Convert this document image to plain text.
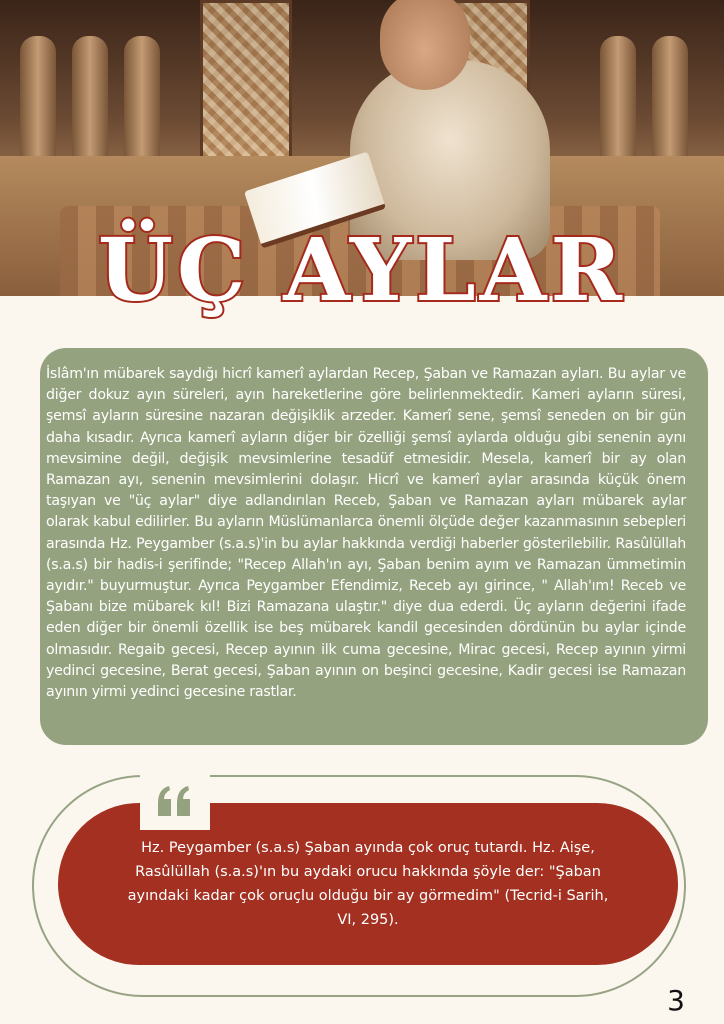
ÜÇ AYLAR

İslâm'ın mübarek saydığı hicrî kamerî aylardan Recep, Şaban ve Ramazan ayları. Bu aylar ve diğer dokuz ayın süreleri, ayın hareketlerine göre belirlenmektedir. Kameri ayların süresi, şemsî ayların süresine nazaran değişiklik arzeder. Kamerî sene, şemsî seneden on bir gün daha kısadır. Ayrıca kamerî ayların diğer bir özelliği şemsî aylarda olduğu gibi senenin aynı mevsimine değil, değişik mevsimlerine tesadüf etmesidir. Mesela, kamerî bir ay olan Ramazan ayı, senenin mevsimlerini dolaşır. Hicrî ve kamerî aylar arasında küçük önem taşıyan ve "üç aylar" diye adlandırılan Receb, Şaban ve Ramazan ayları mübarek aylar olarak kabul edilirler. Bu ayların Müslümanlarca önemli ölçüde değer kazanmasının sebepleri arasında Hz. Peygamber (s.a.s)'in bu aylar hakkında verdiği haberler gösterilebilir. Rasûlüllah (s.a.s) bir hadis-i şerifinde; "Recep Allah'ın ayı, Şaban benim ayım ve Ramazan ümmetimin ayıdır." buyurmuştur. Ayrıca Peygamber Efendimiz, Receb ayı girince, " Allah'ım! Receb ve Şabanı bize mübarek kıl! Bizi Ramazana ulaştır." diye dua ederdi. Üç ayların değerini ifade eden diğer bir önemli özellik ise beş mübarek kandil gecesinden dördünün bu aylar içinde olmasıdır. Regaib gecesi, Recep ayının ilk cuma gecesine, Mirac gecesi, Recep ayının yirmi yedinci gecesine, Berat gecesi, Şaban ayının on beşinci gecesine, Kadir gecesi ise Ramazan ayının yirmi yedinci gecesine rastlar.

Hz. Peygamber (s.a.s) Şaban ayında çok oruç tutardı. Hz. Aişe, Rasûlüllah (s.a.s)'ın bu aydaki orucu hakkında şöyle der: "Şaban ayındaki kadar çok oruçlu olduğu bir ay görmedim" (Tecrid-i Sarih, VI, 295).

3
